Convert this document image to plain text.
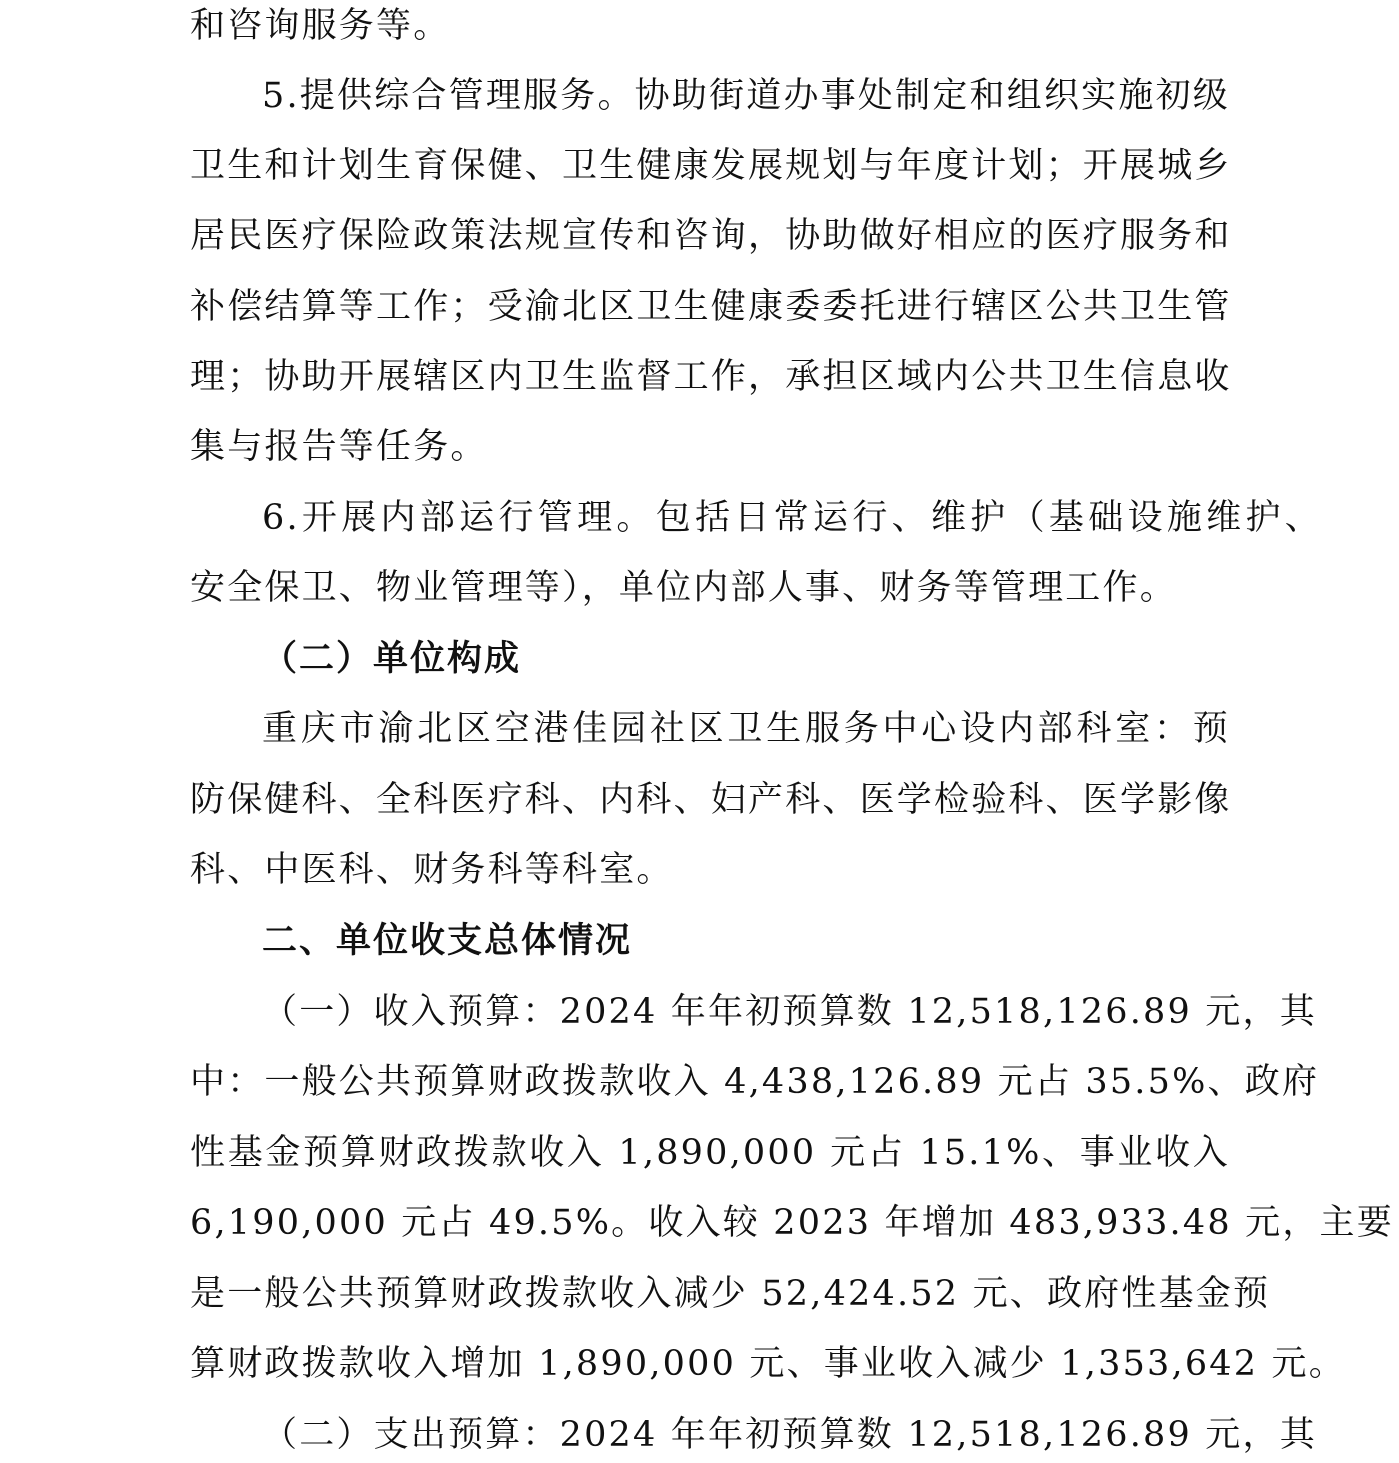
和咨询服务等。
5.提供综合管理服务。协助街道办事处制定和组织实施初级
卫生和计划生育保健、卫生健康发展规划与年度计划；开展城乡
居民医疗保险政策法规宣传和咨询，协助做好相应的医疗服务和
补偿结算等工作；受渝北区卫生健康委委托进行辖区公共卫生管
理；协助开展辖区内卫生监督工作，承担区域内公共卫生信息收
集与报告等任务。
6.开展内部运行管理。包括日常运行、维护（基础设施维护、
安全保卫、物业管理等），单位内部人事、财务等管理工作。
（二）单位构成
重庆市渝北区空港佳园社区卫生服务中心设内部科室：预
防保健科、全科医疗科、内科、妇产科、医学检验科、医学影像
科、中医科、财务科等科室。
二、单位收支总体情况
（一）收入预算：2024 年年初预算数 12,518,126.89 元，其
中：一般公共预算财政拨款收入 4,438,126.89 元占 35.5%、政府
性基金预算财政拨款收入 1,890,000 元占 15.1%、事业收入
6,190,000 元占 49.5%。收入较 2023 年增加 483,933.48 元，主要
是一般公共预算财政拨款收入减少 52,424.52 元、政府性基金预
算财政拨款收入增加 1,890,000 元、事业收入减少 1,353,642 元。
（二）支出预算：2024 年年初预算数 12,518,126.89 元，其
